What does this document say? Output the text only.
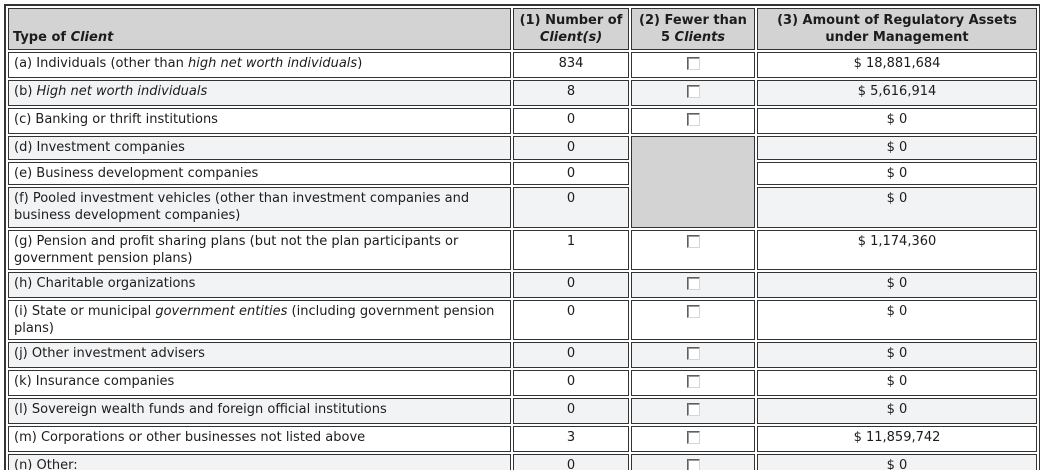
Type of Client	(1) Number of Client(s)	(2) Fewer than 5 Clients	(3) Amount of Regulatory Assets under Management
(a) Individuals (other than high net worth individuals)	834		$ 18,881,684
(b) High net worth individuals	8		$ 5,616,914
(c) Banking or thrift institutions	0		$ 0
(d) Investment companies	0		$ 0
(e) Business development companies	0		$ 0
(f) Pooled investment vehicles (other than investment companies and business development companies)	0		$ 0
(g) Pension and profit sharing plans (but not the plan participants or government pension plans)	1		$ 1,174,360
(h) Charitable organizations	0		$ 0
(i) State or municipal government entities (including government pension plans)	0		$ 0
(j) Other investment advisers	0		$ 0
(k) Insurance companies	0		$ 0
(l) Sovereign wealth funds and foreign official institutions	0		$ 0
(m) Corporations or other businesses not listed above	3		$ 11,859,742
(n) Other:	0		$ 0
